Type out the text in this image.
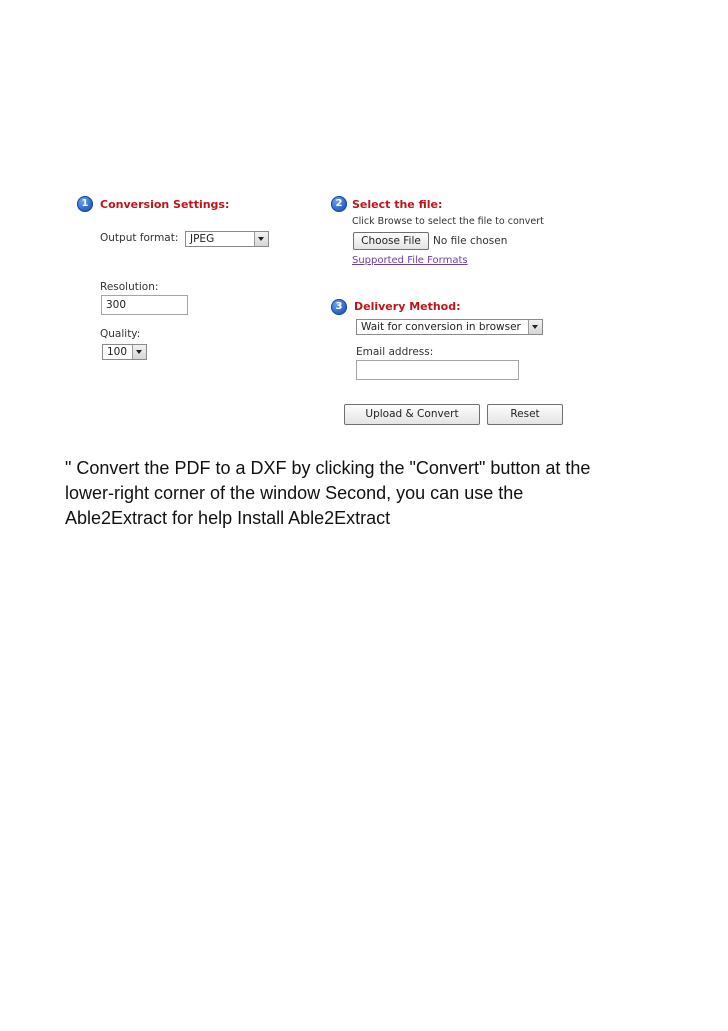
1	Conversion Settings:
Output format:	JPEG
Resolution:
300
Quality:
100
2 Select the file:
Click Browse to select the file to convert
Choose File	No file chosen
Supported File Formats
3	Delivery Method:
Wait for conversion in browser
Email address:
Upload & Convert	Reset
" Convert the PDF to a DXF by clicking the "Convert" button at the
lower-right corner of the window Second, you can use the
Able2Extract for help Install Able2Extract
